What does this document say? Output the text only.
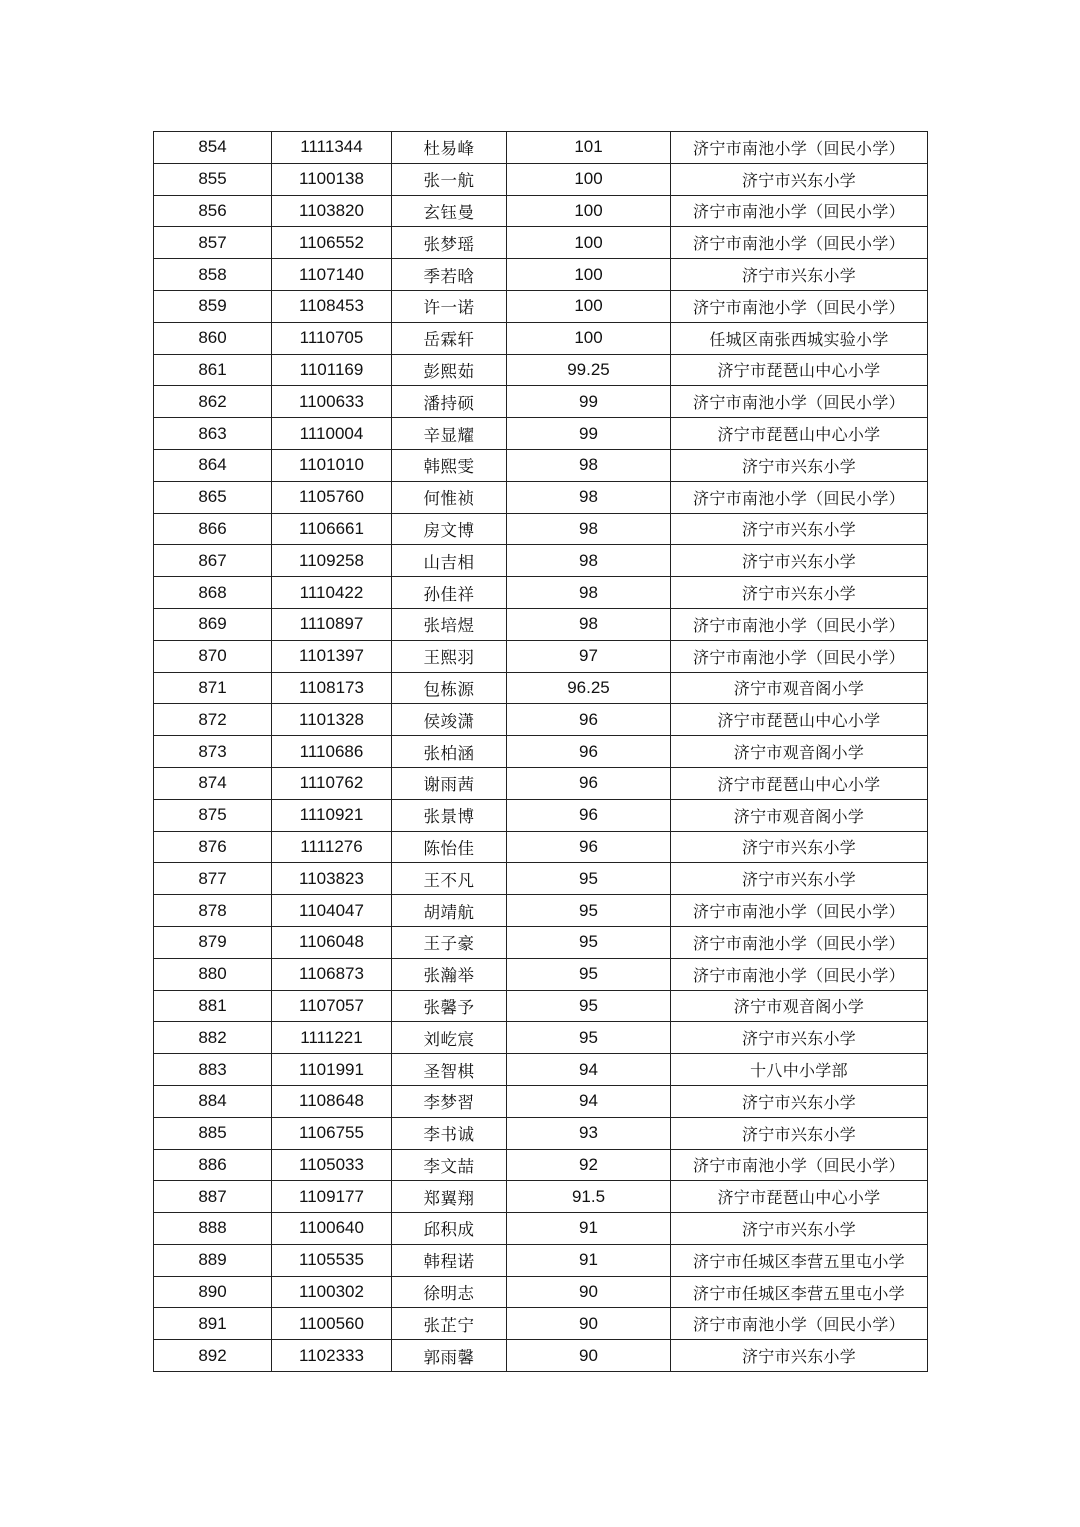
854	1111344	杜易峰	101	济宁市南池小学（回民小学）
855	1100138	张一航	100	济宁市兴东小学
856	1103820	玄钰曼	100	济宁市南池小学（回民小学）
857	1106552	张梦瑶	100	济宁市南池小学（回民小学）
858	1107140	季若晗	100	济宁市兴东小学
859	1108453	许一诺	100	济宁市南池小学（回民小学）
860	1110705	岳霖轩	100	任城区南张西城实验小学
861	1101169	彭熙茹	99.25	济宁市琵琶山中心小学
862	1100633	潘持硕	99	济宁市南池小学（回民小学）
863	1110004	辛显耀	99	济宁市琵琶山中心小学
864	1101010	韩熙雯	98	济宁市兴东小学
865	1105760	何惟祯	98	济宁市南池小学（回民小学）
866	1106661	房文博	98	济宁市兴东小学
867	1109258	山吉相	98	济宁市兴东小学
868	1110422	孙佳祥	98	济宁市兴东小学
869	1110897	张培煜	98	济宁市南池小学（回民小学）
870	1101397	王熙羽	97	济宁市南池小学（回民小学）
871	1108173	包栋源	96.25	济宁市观音阁小学
872	1101328	侯竣潇	96	济宁市琵琶山中心小学
873	1110686	张柏涵	96	济宁市观音阁小学
874	1110762	谢雨茜	96	济宁市琵琶山中心小学
875	1110921	张景博	96	济宁市观音阁小学
876	1111276	陈怡佳	96	济宁市兴东小学
877	1103823	王不凡	95	济宁市兴东小学
878	1104047	胡靖航	95	济宁市南池小学（回民小学）
879	1106048	王子豪	95	济宁市南池小学（回民小学）
880	1106873	张瀚举	95	济宁市南池小学（回民小学）
881	1107057	张馨予	95	济宁市观音阁小学
882	1111221	刘屹宸	95	济宁市兴东小学
883	1101991	圣智棋	94	十八中小学部
884	1108648	李梦習	94	济宁市兴东小学
885	1106755	李书诚	93	济宁市兴东小学
886	1105033	李文喆	92	济宁市南池小学（回民小学）
887	1109177	郑翼翔	91.5	济宁市琵琶山中心小学
888	1100640	邱积成	91	济宁市兴东小学
889	1105535	韩程诺	91	济宁市任城区李营五里屯小学
890	1100302	徐明志	90	济宁市任城区李营五里屯小学
891	1100560	张芷宁	90	济宁市南池小学（回民小学）
892	1102333	郭雨馨	90	济宁市兴东小学
